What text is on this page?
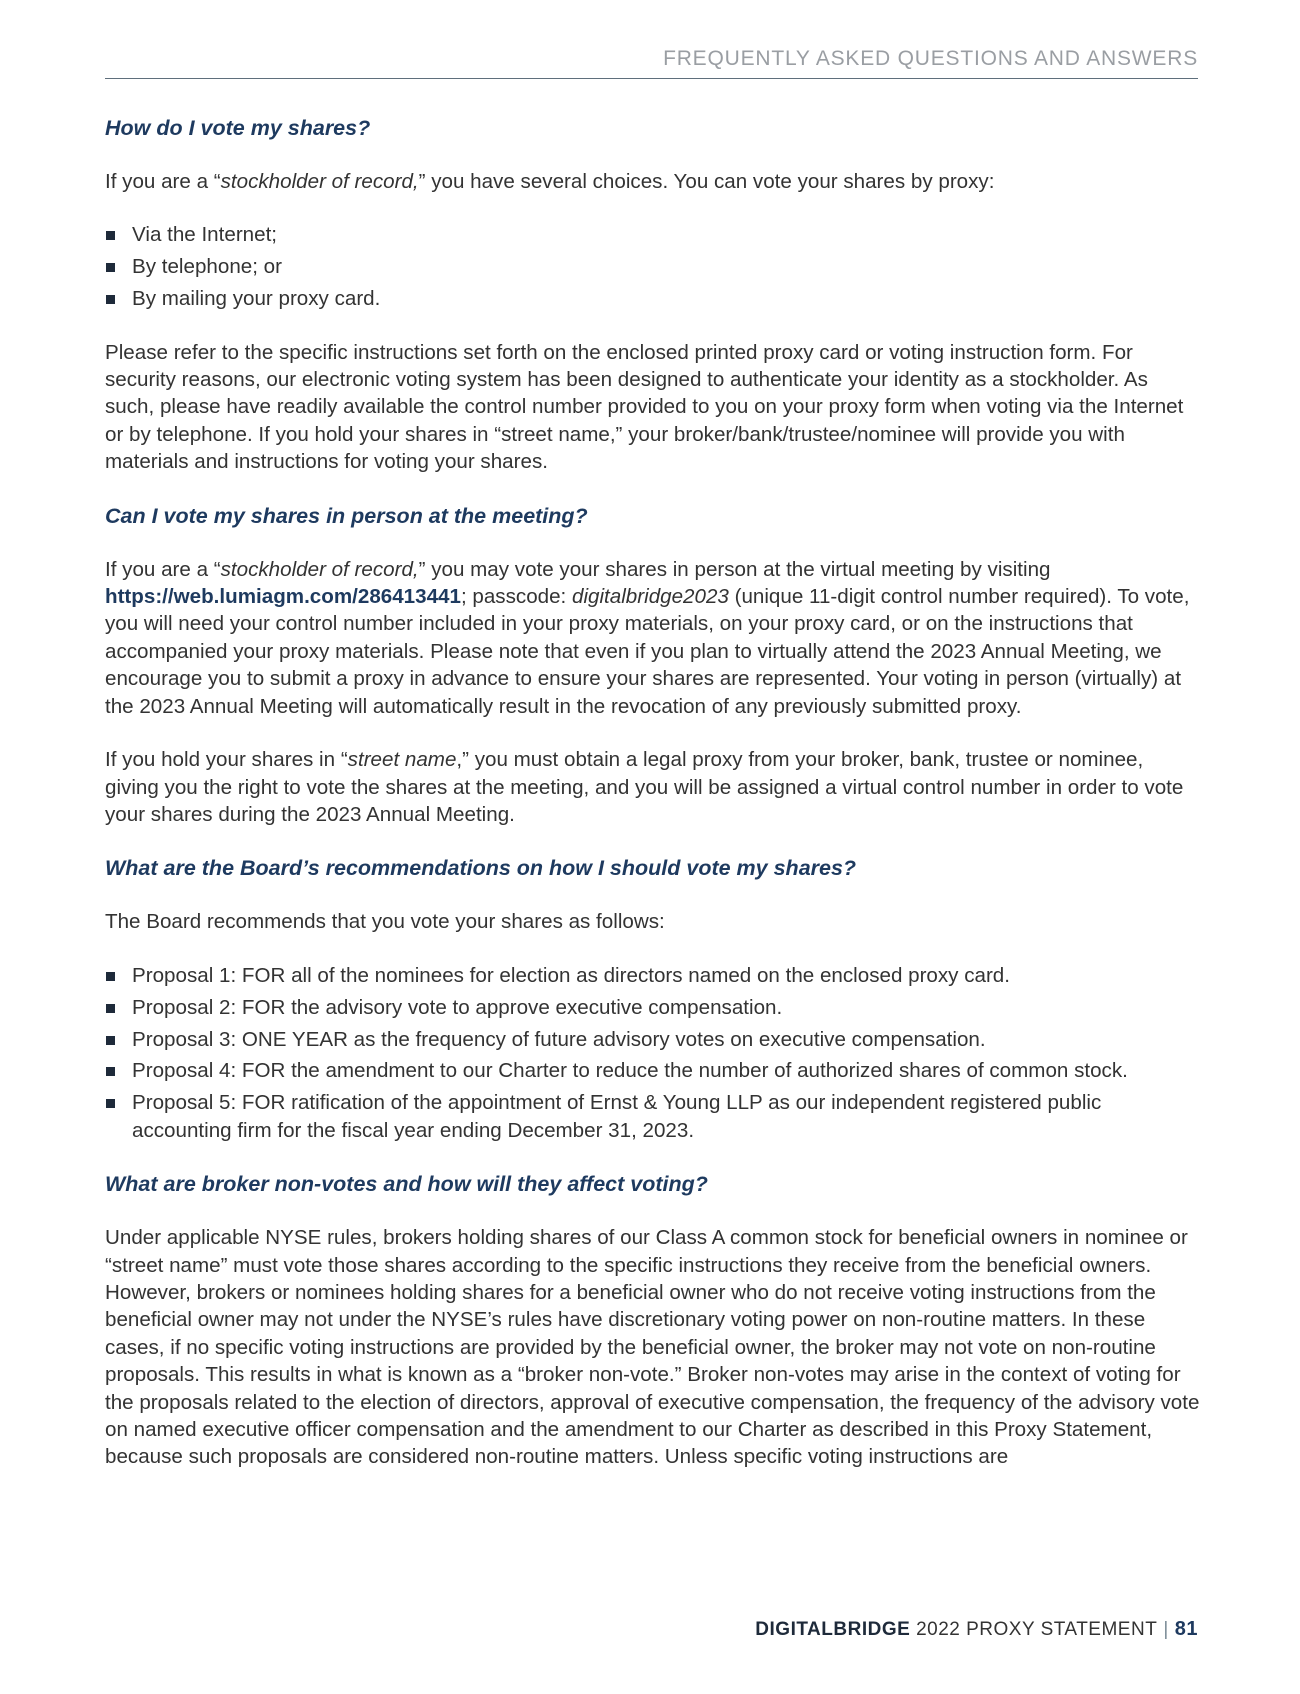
FREQUENTLY ASKED QUESTIONS AND ANSWERS
How do I vote my shares?

If you are a “stockholder of record,” you have several choices. You can vote your shares by proxy:

Via the Internet;
By telephone; or
By mailing your proxy card.

Please refer to the specific instructions set forth on the enclosed printed proxy card or voting instruction form. For security reasons, our electronic voting system has been designed to authenticate your identity as a stockholder. As such, please have readily available the control number provided to you on your proxy form when voting via the Internet or by telephone. If you hold your shares in “street name,” your broker/bank/trustee/nominee will provide you with materials and instructions for voting your shares.

Can I vote my shares in person at the meeting?

If you are a “stockholder of record,” you may vote your shares in person at the virtual meeting by visiting https://web.lumiagm.com/286413441; passcode: digitalbridge2023 (unique 11-digit control number required). To vote, you will need your control number included in your proxy materials, on your proxy card, or on the instructions that accompanied your proxy materials. Please note that even if you plan to virtually attend the 2023 Annual Meeting, we encourage you to submit a proxy in advance to ensure your shares are represented. Your voting in person (virtually) at the 2023 Annual Meeting will automatically result in the revocation of any previously submitted proxy.

If you hold your shares in “street name,” you must obtain a legal proxy from your broker, bank, trustee or nominee, giving you the right to vote the shares at the meeting, and you will be assigned a virtual control number in order to vote your shares during the 2023 Annual Meeting.

What are the Board’s recommendations on how I should vote my shares?

The Board recommends that you vote your shares as follows:

Proposal 1: FOR all of the nominees for election as directors named on the enclosed proxy card.
Proposal 2: FOR the advisory vote to approve executive compensation.
Proposal 3: ONE YEAR as the frequency of future advisory votes on executive compensation.
Proposal 4: FOR the amendment to our Charter to reduce the number of authorized shares of common stock.
Proposal 5: FOR ratification of the appointment of Ernst & Young LLP as our independent registered public accounting firm for the fiscal year ending December 31, 2023.
What are broker non-votes and how will they affect voting?

Under applicable NYSE rules, brokers holding shares of our Class A common stock for beneficial owners in nominee or “street name” must vote those shares according to the specific instructions they receive from the beneficial owners. However, brokers or nominees holding shares for a beneficial owner who do not receive voting instructions from the beneficial owner may not under the NYSE’s rules have discretionary voting power on non-routine matters. In these cases, if no specific voting instructions are provided by the beneficial owner, the broker may not vote on non-routine proposals. This results in what is known as a “broker non-vote.” Broker non-votes may arise in the context of voting for the proposals related to the election of directors, approval of executive compensation, the frequency of the advisory vote on named executive officer compensation and the amendment to our Charter as described in this Proxy Statement, because such proposals are considered non-routine matters. Unless specific voting instructions are

DIGITALBRIDGE 2022 PROXY STATEMENT | 81
